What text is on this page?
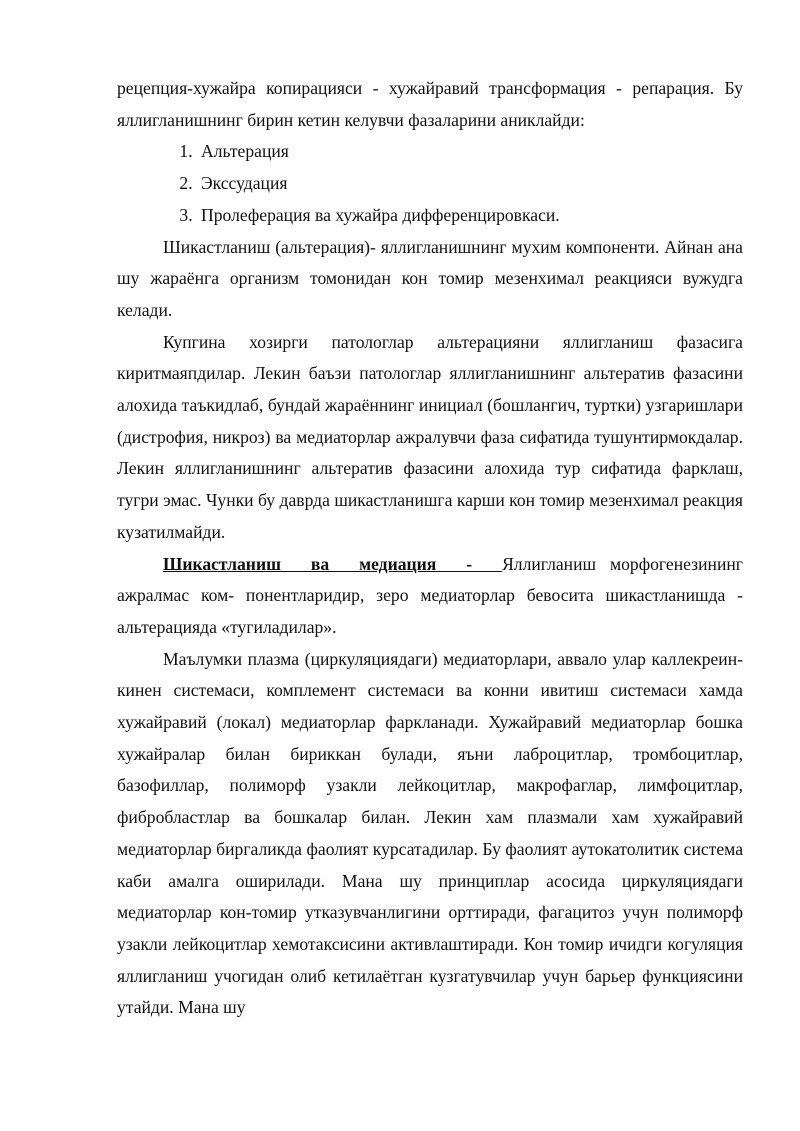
рецепция-хужайра копирацияси - хужайравий трансформация - репарация. Бу яллигланишнинг бирин кетин келувчи фазаларини аниклайди:

1. Альтерация
2. Экссудация
3. Пролеферация ва хужайра дифференцировкаси.

Шикастланиш (альтерация)- яллигланишнинг мухим компоненти. Айнан ана шу жараёнга организм томонидан кон томир мезенхимал реакцияси вужудга келади.

Купгина хозирги патологлар альтерацияни яллигланиш фазасига киритмаяпдилар. Лекин баъзи патологлар яллигланишнинг альтератив фазасини алохида таъкидлаб, бундай жараённинг инициал (бошлангич, туртки) узгаришлари (дистрофия, никроз) ва медиаторлар ажралувчи фаза сифатида тушунтирмокдалар. Лекин яллигланишнинг альтератив фазасини алохида тур сифатида фарклаш, тугри эмас. Чунки бу даврда шикастланишга карши кон томир мезенхимал реакция кузатилмайди.

Шикастланиш ва медиация - Яллигланиш морфогенезининг ажралмас ком- понентларидир, зеро медиаторлар бевосита шикастланишда - альтерацияда «тугиладилар».

Маълумки плазма (циркуляциядаги) медиаторлари, аввало улар каллекреин-кинен системаси, комплемент системаси ва конни ивитиш системаси хамда хужайравий (локал) медиаторлар фаркланади. Хужайравий медиаторлар бошка хужайралар билан бириккан булади, яъни лаброцитлар, тромбоцитлар, базофиллар, полиморф узакли лейкоцитлар, макрофаглар, лимфоцитлар, фибробластлар ва бошкалар билан. Лекин хам плазмали хам хужайравий медиаторлар биргаликда фаолият курсатадилар. Бу фаолият аутокатолитик система каби амалга оширилади. Мана шу принциплар асосида циркуляциядаги медиаторлар кон-томир утказувчанлигини орттиради, фагацитоз учун полиморф узакли лейкоцитлар хемотаксисини активлаштиради. Кон томир ичидги когуляция яллигланиш учогидан олиб кетилаётган кузгатувчилар учун барьер функциясини утайди. Мана шу
